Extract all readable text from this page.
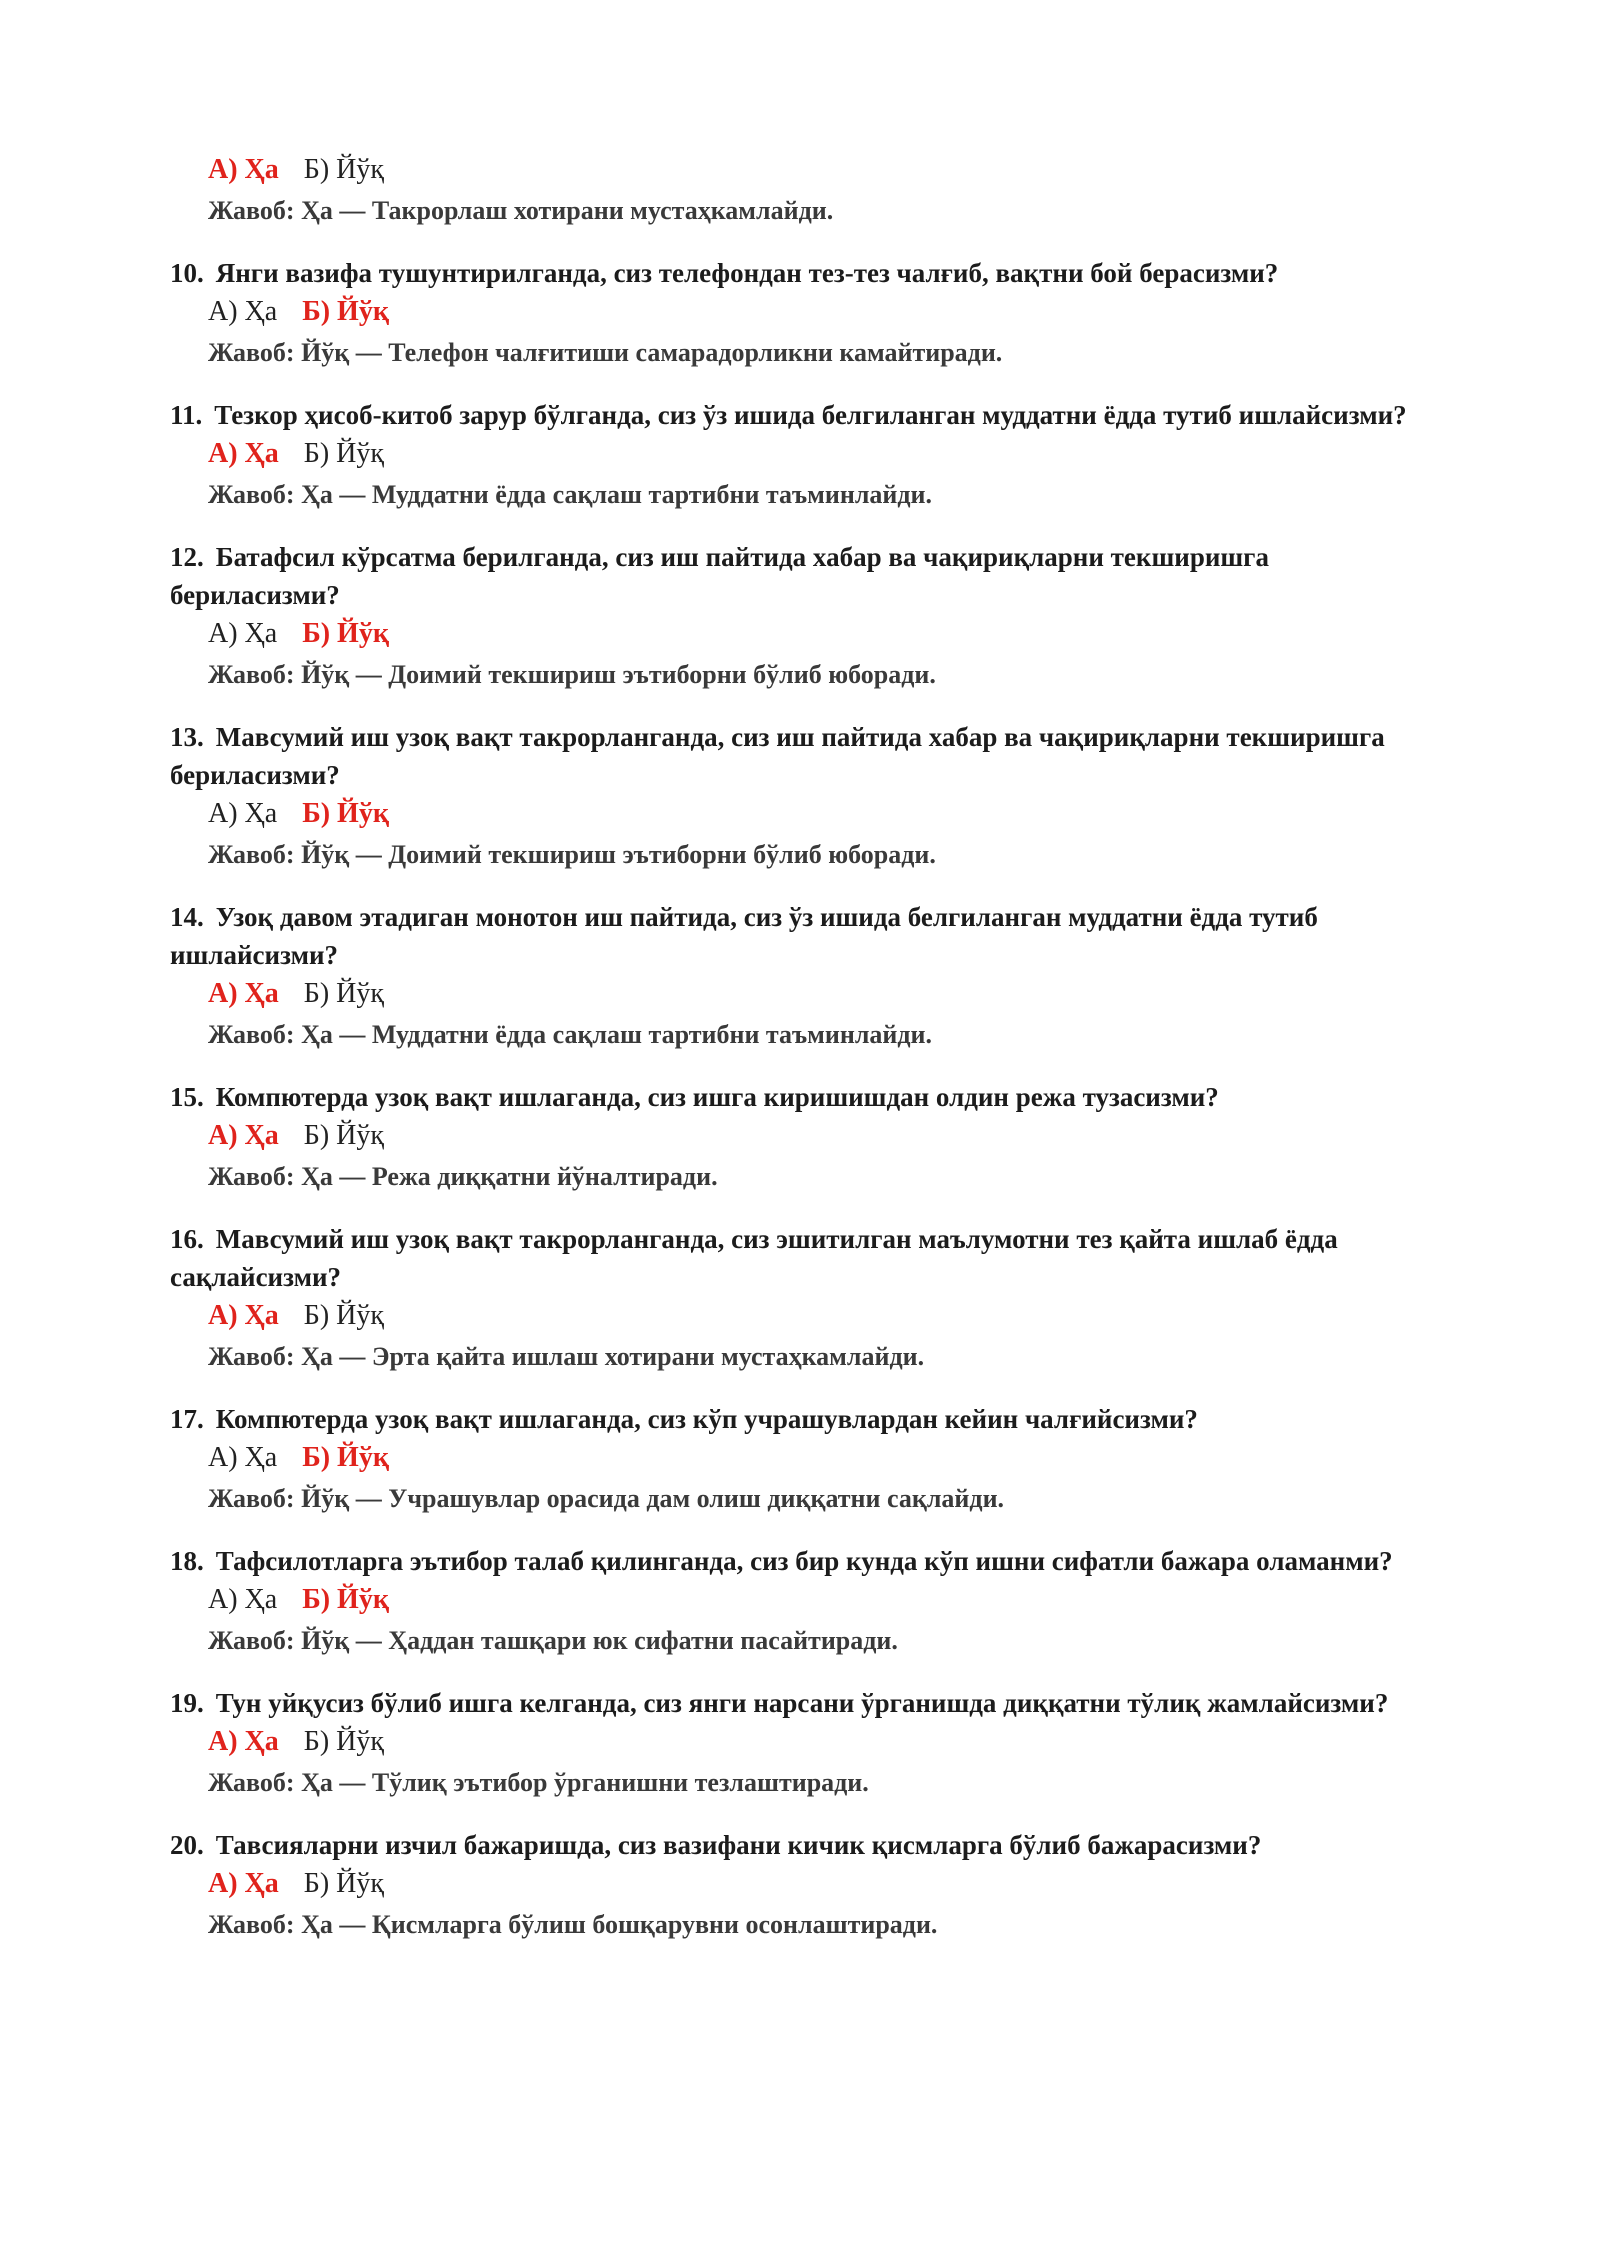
А) Ҳа Б) Йўқ
Жавоб: Ҳа — Такрорлаш хотирани мустаҳкамлайди.
10. Янги вазифа тушунтирилганда, сиз телефондан тез-тез чалғиб, вақтни бой берасизми?
А) Ҳа Б) Йўқ
Жавоб: Йўқ — Телефон чалғитиши самарадорликни камайтиради.
11. Тезкор ҳисоб-китоб зарур бўлганда, сиз ўз ишида белгиланган муддатни ёдда тутиб ишлайсизми?
А) Ҳа Б) Йўқ
Жавоб: Ҳа — Муддатни ёдда сақлаш тартибни таъминлайди.
12. Батафсил кўрсатма берилганда, сиз иш пайтида хабар ва чақириқларни текширишга бериласизми?
А) Ҳа Б) Йўқ
Жавоб: Йўқ — Доимий текшириш эътиборни бўлиб юборади.
13. Мавсумий иш узоқ вақт такрорланганда, сиз иш пайтида хабар ва чақириқларни текширишга бериласизми?
А) Ҳа Б) Йўқ
Жавоб: Йўқ — Доимий текшириш эътиборни бўлиб юборади.
14. Узоқ давом этадиган монотон иш пайтида, сиз ўз ишида белгиланган муддатни ёдда тутиб ишлайсизми?
А) Ҳа Б) Йўқ
Жавоб: Ҳа — Муддатни ёдда сақлаш тартибни таъминлайди.
15. Компютерда узоқ вақт ишлаганда, сиз ишга киришишдан олдин режа тузасизми?
А) Ҳа Б) Йўқ
Жавоб: Ҳа — Режа диққатни йўналтиради.
16. Мавсумий иш узоқ вақт такрорланганда, сиз эшитилган маълумотни тез қайта ишлаб ёдда сақлайсизми?
А) Ҳа Б) Йўқ
Жавоб: Ҳа — Эрта қайта ишлаш хотирани мустаҳкамлайди.
17. Компютерда узоқ вақт ишлаганда, сиз кўп учрашувлардан кейин чалғийсизми?
А) Ҳа Б) Йўқ
Жавоб: Йўқ — Учрашувлар орасида дам олиш диққатни сақлайди.
18. Тафсилотларга эътибор талаб қилинганда, сиз бир кунда кўп ишни сифатли бажара оламанми?
А) Ҳа Б) Йўқ
Жавоб: Йўқ — Ҳаддан ташқари юк сифатни пасайтиради.
19. Тун уйқусиз бўлиб ишга келганда, сиз янги нарсани ўрганишда диққатни тўлиқ жамлайсизми?
А) Ҳа Б) Йўқ
Жавоб: Ҳа — Тўлиқ эътибор ўрганишни тезлаштиради.
20. Тавсияларни изчил бажаришда, сиз вазифани кичик қисмларга бўлиб бажарасизми?
А) Ҳа Б) Йўқ
Жавоб: Ҳа — Қисмларга бўлиш бошқарувни осонлаштиради.
